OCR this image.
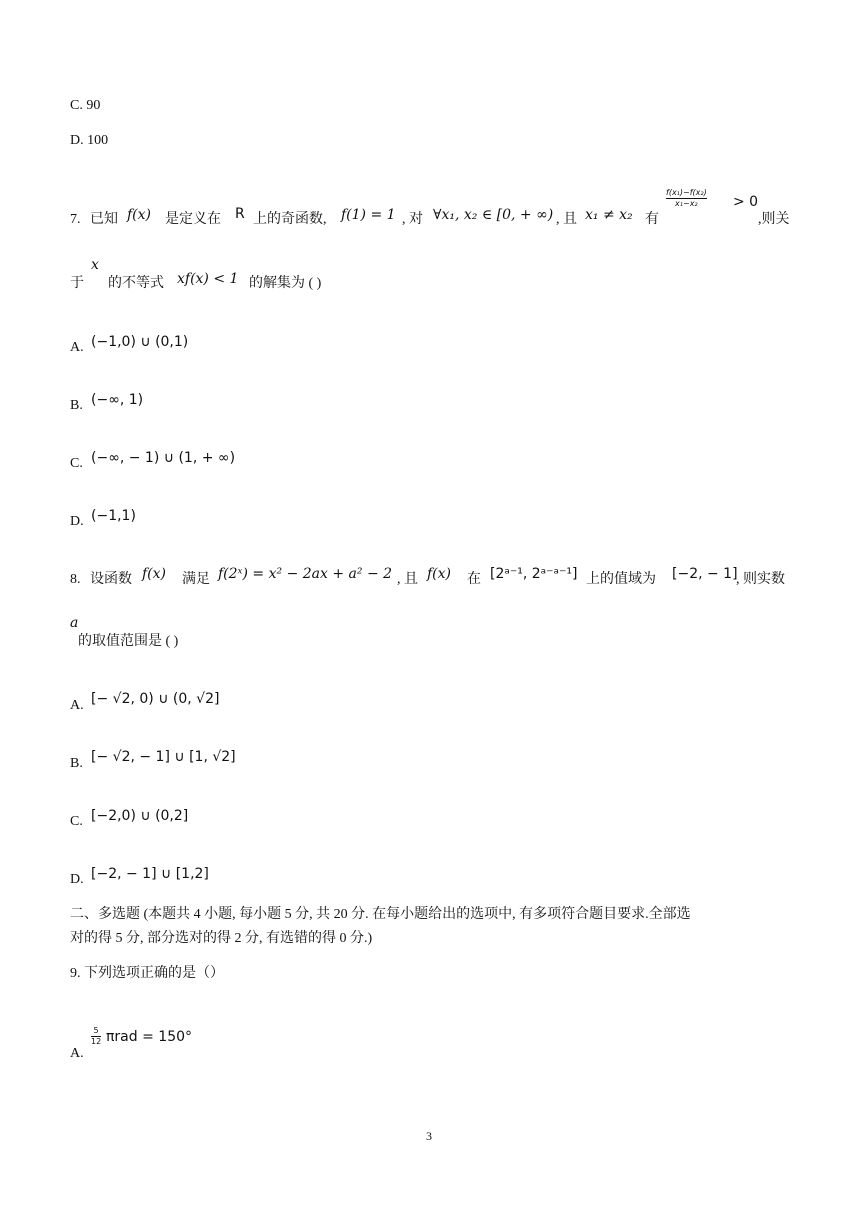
C. 90
D. 100
7. 已知 f(x) 是定义在 R 上的奇函数, f(1) = 1 , 对 ∀x₁, x₂ ∈ [0, + ∞) , 且 x₁ ≠ x₂ 有
$\frac{\text{f(x₁)−f(x₂)}}{\text{x₁−x₂}} > 0$
,则关
x
于 的不等式 xf(x) < 1 的解集为 ( )
A. (−1,0) ∪ (0,1)
B. (−∞, 1)
C. (−∞, − 1) ∪ (1, + ∞)
D. (−1,1)
8. 设函数 f(x) 满足 f(2ˣ) = x² − 2ax + a² − 2 , 且 f(x) 在 [2ᵃ⁻¹, 2ᵃ⁻ᵃ⁻¹] 上的值域为 [−2, − 1]
, 则实数
a
的取值范围是 ( )
A. [− √2, 0) ∪ (0, √2]
B. [− √2, − 1] ∪ [1, √2]
C. [−2,0) ∪ (0,2]
D. [−2, − 1] ∪ [1,2]
二、多选题 (本题共 4 小题, 每小题 5 分, 共 20 分. 在每小题给出的选项中, 有多项符合题目要求.全部选
对的得 5 分, 部分选对的得 2 分, 有选错的得 0 分.)
9. 下列选项正确的是（）
A.
$\frac{5}{12}$ πrad = 150°
3
